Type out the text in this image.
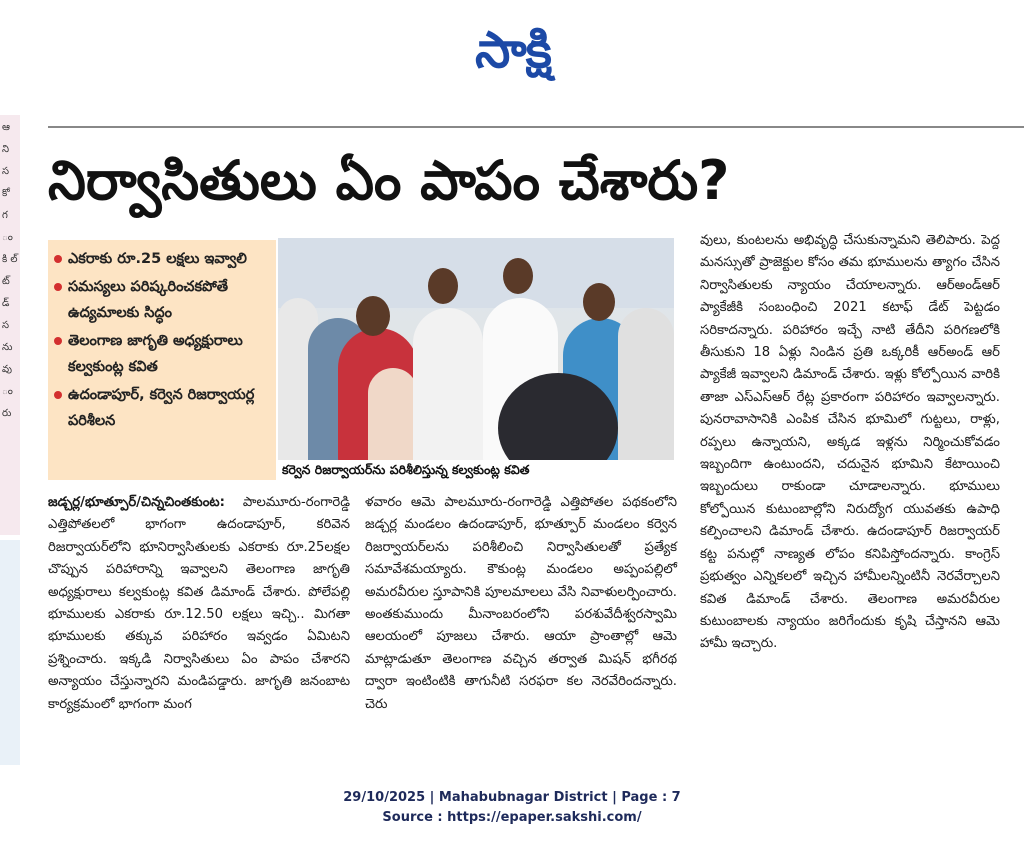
సాక్షి
ఆ ని స కో గ ం కి ల్ ట్ డ్ స ను వు ం రు
నిర్వాసితులు ఏం పాపం చేశారు?
ఎకరాకు రూ.25 లక్షలు ఇవ్వాలి
సమస్యలు పరిష్కరించకపోతే ఉద్యమాలకు సిద్ధం
తెలంగాణ జాగృతి అధ్యక్షురాలు కల్వకుంట్ల కవిత
ఉదండాపూర్, కర్వెన రిజర్వాయర్ల పరిశీలన
కర్వెన రిజర్వాయర్‌ను పరిశీలిస్తున్న కల్వకుంట్ల కవిత
జడ్చర్ల/భూత్పూర్/చిన్నచింతకుంట: పాలమూరు-రంగారెడ్డి ఎత్తిపోతలలో భాగంగా ఉదండాపూర్, కరివెన రిజర్వాయర్‌లోని భూనిర్వాసితులకు ఎకరాకు రూ.25లక్షల చొప్పున పరిహారాన్ని ఇవ్వాలని తెలంగాణ జాగృతి అధ్యక్షురాలు కల్వకుంట్ల కవిత డిమాండ్ చేశారు. పోలేపల్లి భూములకు ఎకరాకు రూ.12.50 లక్షలు ఇచ్చి.. మిగతా భూములకు తక్కువ పరిహారం ఇవ్వడం ఏమిటని ప్రశ్నించారు. ఇక్కడి నిర్వాసితులు ఏం పాపం చేశారని అన్యాయం చేస్తున్నారని మండిపడ్డారు. జాగృతి జనంబాట కార్యక్రమంలో భాగంగా మంగ
ళవారం ఆమె పాలమూరు-రంగారెడ్డి ఎత్తిపోతల పథకంలోని జడ్చర్ల మండలం ఉదండాపూర్, భూత్పూర్ మండలం కర్వెన రిజర్వాయర్‌లను పరిశీలించి నిర్వాసితులతో ప్రత్యేక సమావేశమయ్యారు. కౌకుంట్ల మండలం అప్పంపల్లిలో అమరవీరుల స్తూపానికి పూలమాలలు వేసి నివాళులర్పించారు. అంతకుముందు మీనాంబరంలోని పరశువేదీశ్వరస్వామి ఆలయంలో పూజలు చేశారు. ఆయా ప్రాంతాల్లో ఆమె మాట్లాడుతూ తెలంగాణ వచ్చిన తర్వాత మిషన్ భగీరథ ద్వారా ఇంటింటికి తాగునీటి సరఫరా కల నెరవేరిందన్నారు. చెరు
వులు, కుంటలను అభివృద్ధి చేసుకున్నామని తెలిపారు. పెద్ద మనస్సుతో ప్రాజెక్టుల కోసం తమ భూములను త్యాగం చేసిన నిర్వాసితులకు న్యాయం చేయాలన్నారు. ఆర్‌అండ్‌ఆర్ ప్యాకేజీకి సంబంధించి 2021 కటాఫ్ డేట్ పెట్టడం సరికాదన్నారు. పరిహారం ఇచ్చే నాటి తేదీని పరిగణలోకి తీసుకుని 18 ఏళ్లు నిండిన ప్రతి ఒక్కరికీ ఆర్‌అండ్ ఆర్ ప్యాకేజీ ఇవ్వాలని డిమాండ్ చేశారు. ఇళ్లు కోల్పోయిన వారికి తాజా ఎస్ఎస్ఆర్ రేట్ల ప్రకారంగా పరిహారం ఇవ్వాలన్నారు. పునరావాసానికి ఎంపిక చేసిన భూమిలో గుట్టలు, రాళ్లు, రప్పలు ఉన్నాయని, అక్కడ ఇళ్లను నిర్మించుకోవడం ఇబ్బందిగా ఉంటుందని, చదునైన భూమిని కేటాయించి ఇబ్బందులు రాకుండా చూడాలన్నారు. భూములు కోల్పోయిన కుటుంబాల్లోని నిరుద్యోగ యువతకు ఉపాధి కల్పించాలని డిమాండ్ చేశారు. ఉదండాపూర్ రిజర్వాయర్ కట్ట పనుల్లో నాణ్యత లోపం కనిపిస్తోందన్నారు. కాంగ్రెస్ ప్రభుత్వం ఎన్నికలలో ఇచ్చిన హామీలన్నింటినీ నెరవేర్చాలని కవిత డిమాండ్ చేశారు. తెలంగాణ అమరవీరుల కుటుంబాలకు న్యాయం జరిగేందుకు కృషి చేస్తానని ఆమె హామీ ఇచ్చారు.
29/10/2025 | Mahabubnagar District | Page : 7
Source : https://epaper.sakshi.com/
